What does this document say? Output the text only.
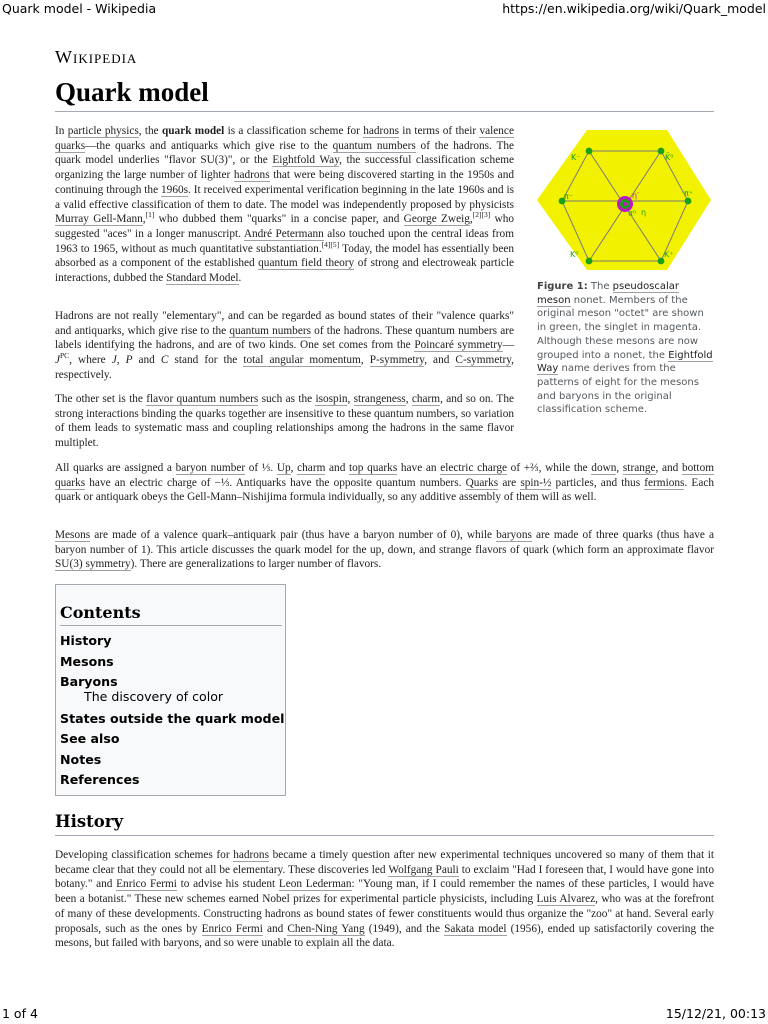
Quark model - Wikipedia	https://en.wikipedia.org/wiki/Quark_model
Wikipedia
Quark model

In particle physics, the quark model is a classification scheme for hadrons in terms of their valence quarks—the quarks and antiquarks which give rise to the quantum numbers of the hadrons. The quark model underlies "flavor SU(3)", or the Eightfold Way, the successful classification scheme organizing the large number of lighter hadrons that were being discovered starting in the 1950s and continuing through the 1960s. It received experimental verification beginning in the late 1960s and is a valid effective classification of them to date. The model was independently proposed by physicists Murray Gell-Mann,[1] who dubbed them "quarks" in a concise paper, and George Zweig,[2][3] who suggested "aces" in a longer manuscript. André Petermann also touched upon the central ideas from 1963 to 1965, without as much quantitative substantiation.[4][5] Today, the model has essentially been absorbed as a component of the established quantum field theory of strong and electroweak particle interactions, dubbed the Standard Model.

Hadrons are not really "elementary", and can be regarded as bound states of their "valence quarks" and antiquarks, which give rise to the quantum numbers of the hadrons. These quantum numbers are labels identifying the hadrons, and are of two kinds. One set comes from the Poincaré $symmetry—J^{PC}$, where J, P and C stand for the total angular momentum, P-symmetry, and C-symmetry, respectively.

The other set is the flavor quantum numbers such as the isospin, strangeness, charm, and so on. The strong interactions binding the quarks together are insensitive to these quantum numbers, so variation of them leads to systematic mass and coupling relationships among the hadrons in the same flavor multiplet.

All quarks are assigned a baryon number of ⅓. Up, charm and top quarks have an electric charge of +⅔, while the down, strange, and bottom quarks have an electric charge of −⅓. Antiquarks have the opposite quantum numbers. Quarks are spin-½ particles, and thus fermions. Each quark or antiquark obeys the Gell-Mann–Nishijima formula individually, so any additive assembly of them will as well.

Mesons are made of a valence quark–antiquark pair (thus have a baryon number of 0), while baryons are made of three quarks (thus have a baryon number of 1). This article discusses the quark model for the up, down, and strange flavors of quark (which form an approximate flavor SU(3) symmetry). There are generalizations to larger number of flavors.

K⁻	K̄⁰
π⁻	π⁺
η′
π⁰ η
K⁰	K⁺
Figure 1: The pseudoscalar meson nonet. Members of the original meson "octet" are shown in green, the singlet in magenta. Although these mesons are now grouped into a nonet, the Eightfold Way name derives from the patterns of eight for the mesons and baryons in the original classification scheme.
Contents
History
Mesons
Baryons
The discovery of color
States outside the quark model
See also
Notes
References
History

Developing classification schemes for hadrons became a timely question after new experimental techniques uncovered so many of them that it became clear that they could not all be elementary. These discoveries led Wolfgang Pauli to exclaim "Had I foreseen that, I would have gone into botany." and Enrico Fermi to advise his student Leon Lederman: "Young man, if I could remember the names of these particles, I would have been a botanist." These new schemes earned Nobel prizes for experimental particle physicists, including Luis Alvarez, who was at the forefront of many of these developments. Constructing hadrons as bound states of fewer constituents would thus organize the "zoo" at hand. Several early proposals, such as the ones by Enrico Fermi and Chen-Ning Yang (1949), and the Sakata model (1956), ended up satisfactorily covering the mesons, but failed with baryons, and so were unable to explain all the data.

1 of 4	15/12/21, 00:13
